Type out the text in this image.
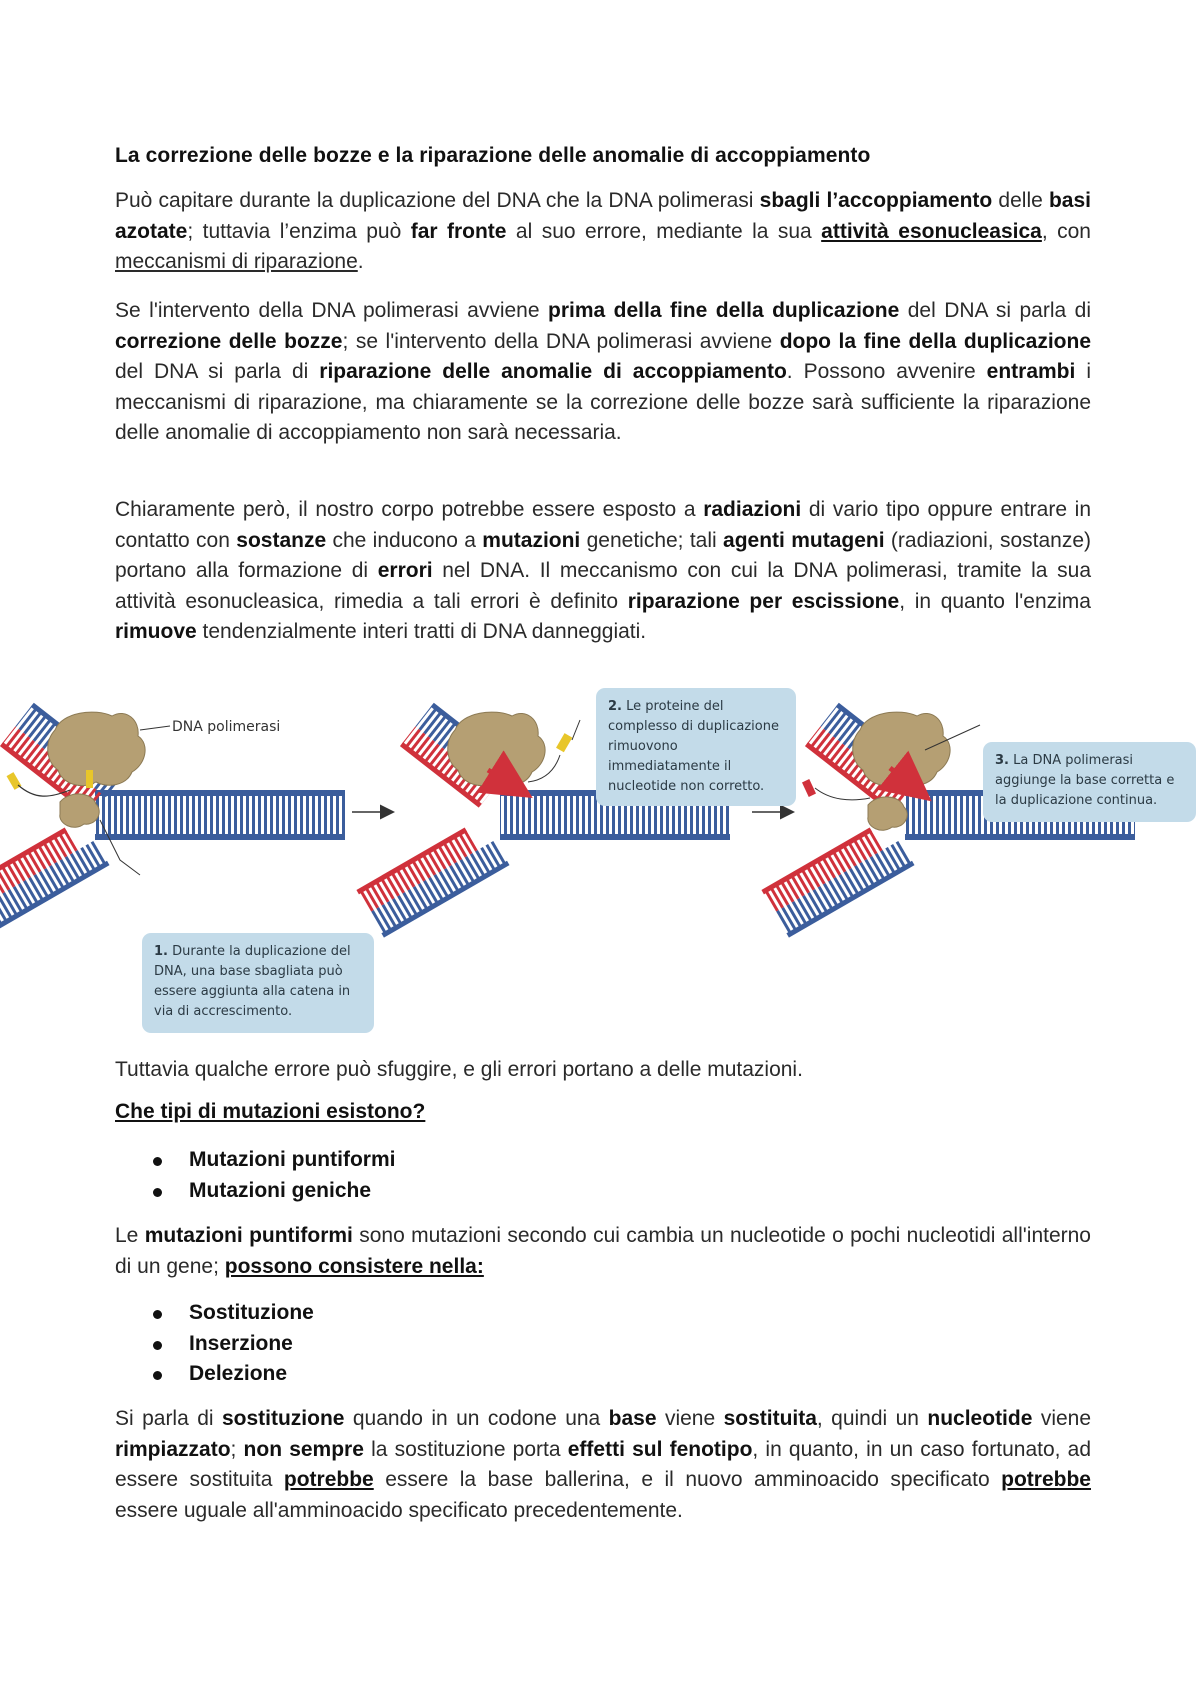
La correzione delle bozze e la riparazione delle anomalie di accoppiamento

Può capitare durante la duplicazione del DNA che la DNA polimerasi sbagli l’accoppiamento delle basi azotate; tuttavia l’enzima può far fronte al suo errore, mediante la sua attività esonucleasica, con meccanismi di riparazione.

Se l'intervento della DNA polimerasi avviene prima della fine della duplicazione del DNA si parla di correzione delle bozze; se l'intervento della DNA polimerasi avviene dopo la fine della duplicazione del DNA si parla di riparazione delle anomalie di accoppiamento. Possono avvenire entrambi i meccanismi di riparazione, ma chiaramente se la correzione delle bozze sarà sufficiente la riparazione delle anomalie di accoppiamento non sarà necessaria.

Chiaramente però, il nostro corpo potrebbe essere esposto a radiazioni di vario tipo oppure entrare in contatto con sostanze che inducono a mutazioni genetiche; tali agenti mutageni (radiazioni, sostanze) portano alla formazione di errori nel DNA. Il meccanismo con cui la DNA polimerasi, tramite la sua attività esonucleasica, rimedia a tali errori è definito riparazione per escissione, in quanto l'enzima rimuove tendenzialmente interi tratti di DNA danneggiati.

DNA polimerasi
1. Durante la duplicazione del DNA, una base sbagliata può essere aggiunta alla catena in via di accrescimento.
2. Le proteine del complesso di duplicazione rimuovono immediatamente il nucleotide non corretto.
3. La DNA polimerasi aggiunge la base corretta e la duplicazione continua.

Tuttavia qualche errore può sfuggire, e gli errori portano a delle mutazioni.

Che tipi di mutazioni esistono?
Mutazioni puntiformi
Mutazioni geniche

Le mutazioni puntiformi sono mutazioni secondo cui cambia un nucleotide o pochi nucleotidi all'interno di un gene; possono consistere nella:

Sostituzione
Inserzione
Delezione

Si parla di sostituzione quando in un codone una base viene sostituita, quindi un nucleotide viene rimpiazzato; non sempre la sostituzione porta effetti sul fenotipo, in quanto, in un caso fortunato, ad essere sostituita potrebbe essere la base ballerina, e il nuovo amminoacido specificato potrebbe essere uguale all'amminoacido specificato precedentemente.
